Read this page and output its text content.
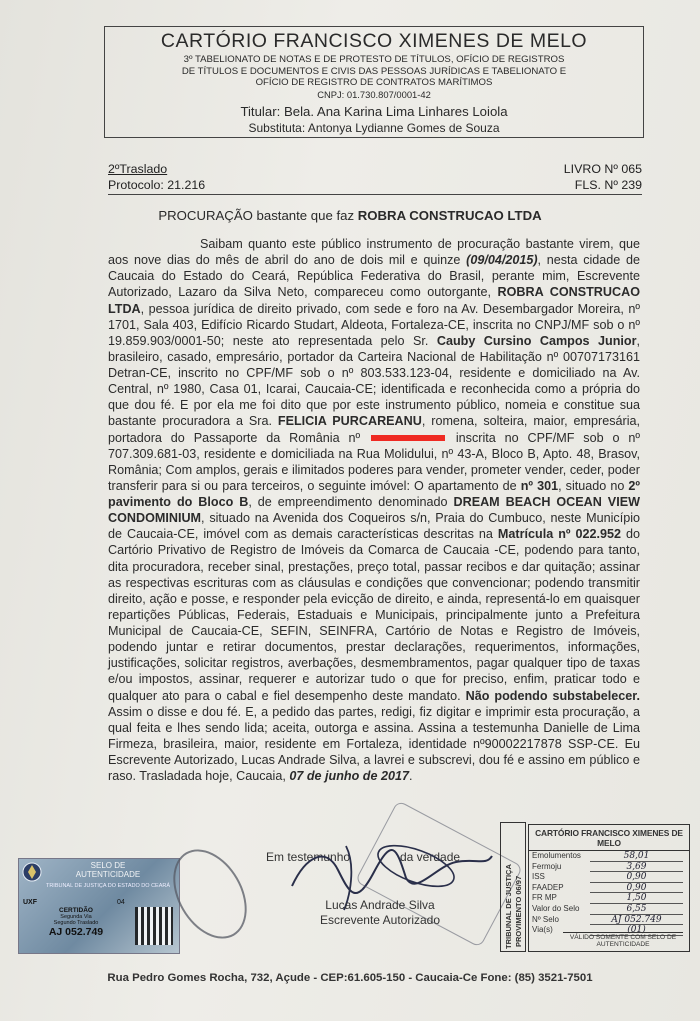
CARTÓRIO FRANCISCO XIMENES DE MELO
3º TABELIONATO DE NOTAS E DE PROTESTO DE TÍTULOS, OFÍCIO DE REGISTROS
DE TÍTULOS E DOCUMENTOS E CIVIS DAS PESSOAS JURÍDICAS E TABELIONATO E
OFÍCIO DE REGISTRO DE CONTRATOS MARÍTIMOS
CNPJ: 01.730.807/0001-42
Titular: Bela. Ana Karina Lima Linhares Loiola
Substituta: Antonya Lydianne Gomes de Souza
2ºTraslado
Protocolo: 21.216
LIVRO Nº 065
FLS. Nº 239
PROCURAÇÃO bastante que faz ROBRA CONSTRUCAO LTDA

Saibam quanto este público instrumento de procuração bastante virem, que aos nove dias do mês de abril do ano de dois mil e quinze (09/04/2015), nesta cidade de Caucaia do Estado do Ceará, República Federativa do Brasil, perante mim, Escrevente Autorizado, Lazaro da Silva Neto, compareceu como outorgante, ROBRA CONSTRUCAO LTDA, pessoa jurídica de direito privado, com sede e foro na Av. Desembargador Moreira, nº 1701, Sala 403, Edifício Ricardo Studart, Aldeota, Fortaleza-CE, inscrita no CNPJ/MF sob o nº 19.859.903/0001-50; neste ato representada pelo Sr. Cauby Cursino Campos Junior, brasileiro, casado, empresário, portador da Carteira Nacional de Habilitação nº 00707173161 Detran-CE, inscrito no CPF/MF sob o nº 803.533.123-04, residente e domiciliado na Av. Central, nº 1980, Casa 01, Icarai, Caucaia-CE; identificada e reconhecida como a própria do que dou fé. E por ela me foi dito que por este instrumento público, nomeia e constitue sua bastante procuradora a Sra. FELICIA PURCAREANU, romena, solteira, maior, empresária, portadora do Passaporte da România nº	inscrita no CPF/MF sob o nº 707.309.681-03, residente e domiciliada na Rua Molidului, nº 43-A, Bloco B, Apto. 48, Brasov, România; Com amplos, gerais e ilimitados poderes para vender, prometer vender, ceder, poder transferir para si ou para terceiros, o seguinte imóvel: O apartamento de nº 301, situado no 2º pavimento do Bloco B, de empreendimento denominado DREAM BEACH OCEAN VIEW CONDOMINIUM, situado na Avenida dos Coqueiros s/n, Praia do Cumbuco, neste Município de Caucaia-CE, imóvel com as demais características descritas na Matrícula nº 022.952 do Cartório Privativo de Registro de Imóveis da Comarca de Caucaia -CE, podendo para tanto, dita procuradora, receber sinal, prestações, preço total, passar recibos e dar quitação; assinar as respectivas escrituras com as cláusulas e condições que convencionar; podendo transmitir direito, ação e posse, e responder pela evicção de direito, e ainda, representá-lo em quaisquer repartições Públicas, Federais, Estaduais e Municipais, principalmente junto a Prefeitura Municipal de Caucaia-CE, SEFIN, SEINFRA, Cartório de Notas e Registro de Imóveis, podendo juntar e retirar documentos, prestar declarações, requerimentos, informações, justificações, solicitar registros, averbações, desmembramentos, pagar qualquer tipo de taxas e/ou impostos, assinar, requerer e autorizar tudo o que for preciso, enfim, praticar todo e qualquer ato para o cabal e fiel desempenho deste mandato. Não podendo substabelecer. Assim o disse e dou fé. E, a pedido das partes, redigi, fiz digitar e imprimir esta procuração, a qual feita e lhes sendo lida; aceita, outorga e assina. Assina a testemunha Danielle de Lima Firmeza, brasileira, maior, residente em Fortaleza, identidade nº90002217878 SSP-CE. Eu Escrevente Autorizado, Lucas Andrade Silva, a lavrei e subscrevi, dou fé e assino em público e raso. Trasladada hoje, Caucaia, 07 de junho de 2017.

Em testemunho	da verdade
Lucas Andrade Silva
Escrevente Autorizado
SELO DE
AUTENTICIDADE
TRIBUNAL DE JUSTIÇA DO ESTADO DO CEARÁ
UXF	04
CERTIDÃO
Segunda Via
Segundo Traslado
AJ 052.749	TRIBUNAL DE JUSTIÇA PROVIMENTO 06/97
CARTÓRIO FRANCISCO XIMENES DE MELO
Emolumentos	58,01
Fermoju	3,69
ISS	0,90
FAADEP	0,90
FR MP	1,50
Valor do Selo	6,55
Nº Selo	AJ 052.749
Via(s)	(01)
VÁLIDO SOMENTE COM SELO DE AUTENTICIDADE
Rua Pedro Gomes Rocha, 732, Açude - CEP:61.605-150 - Caucaia-Ce Fone: (85) 3521-7501
